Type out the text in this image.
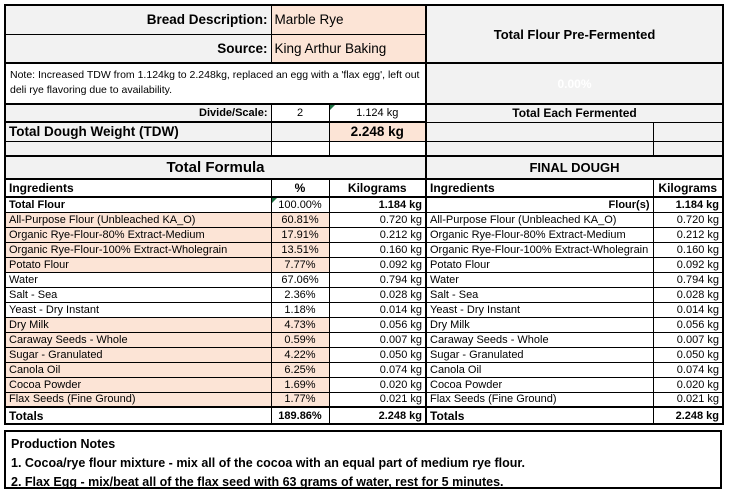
Bread Description:	Marble Rye		Total Flour Pre-Fermented	
Source:	King Arthur Baking			
Note: Increased TDW from 1.124kg to 2.248kg, replaced an egg with a 'flax egg', left out deli rye flavoring due to availability.			0.00%	
Divide/Scale:	2	1.124 kg	Total Each Fermented	
Total Dough Weight (TDW)		2.248 kg		

Total Formula			FINAL DOUGH	
Ingredients	%	Kilograms	Ingredients	Kilograms
Total Flour	100.00%	1.184 kg	Flour(s)	1.184 kg
All-Purpose Flour (Unbleached KA_O)	60.81%	0.720 kg	All-Purpose Flour (Unbleached KA_O)	0.720 kg
Organic Rye-Flour-80% Extract-Medium	17.91%	0.212 kg	Organic Rye-Flour-80% Extract-Medium	0.212 kg
Organic Rye-Flour-100% Extract-Wholegrain	13.51%	0.160 kg	Organic Rye-Flour-100% Extract-Wholegrain	0.160 kg
Potato Flour	7.77%	0.092 kg	Potato Flour	0.092 kg
Water	67.06%	0.794 kg	Water	0.794 kg
Salt - Sea	2.36%	0.028 kg	Salt - Sea	0.028 kg
Yeast - Dry Instant	1.18%	0.014 kg	Yeast - Dry Instant	0.014 kg
Dry Milk	4.73%	0.056 kg	Dry Milk	0.056 kg
Caraway Seeds - Whole	0.59%	0.007 kg	Caraway Seeds - Whole	0.007 kg
Sugar - Granulated	4.22%	0.050 kg	Sugar - Granulated	0.050 kg
Canola Oil	6.25%	0.074 kg	Canola Oil	0.074 kg
Cocoa Powder	1.69%	0.020 kg	Cocoa Powder	0.020 kg
Flax Seeds (Fine Ground)	1.77%	0.021 kg	Flax Seeds (Fine Ground)	0.021 kg
Totals	189.86%	2.248 kg	Totals	2.248 kg
Production Notes
1. Cocoa/rye flour mixture - mix all of the cocoa with an equal part of medium rye flour.
2. Flax Egg - mix/beat all of the flax seed with 63 grams of water, rest for 5 minutes.
